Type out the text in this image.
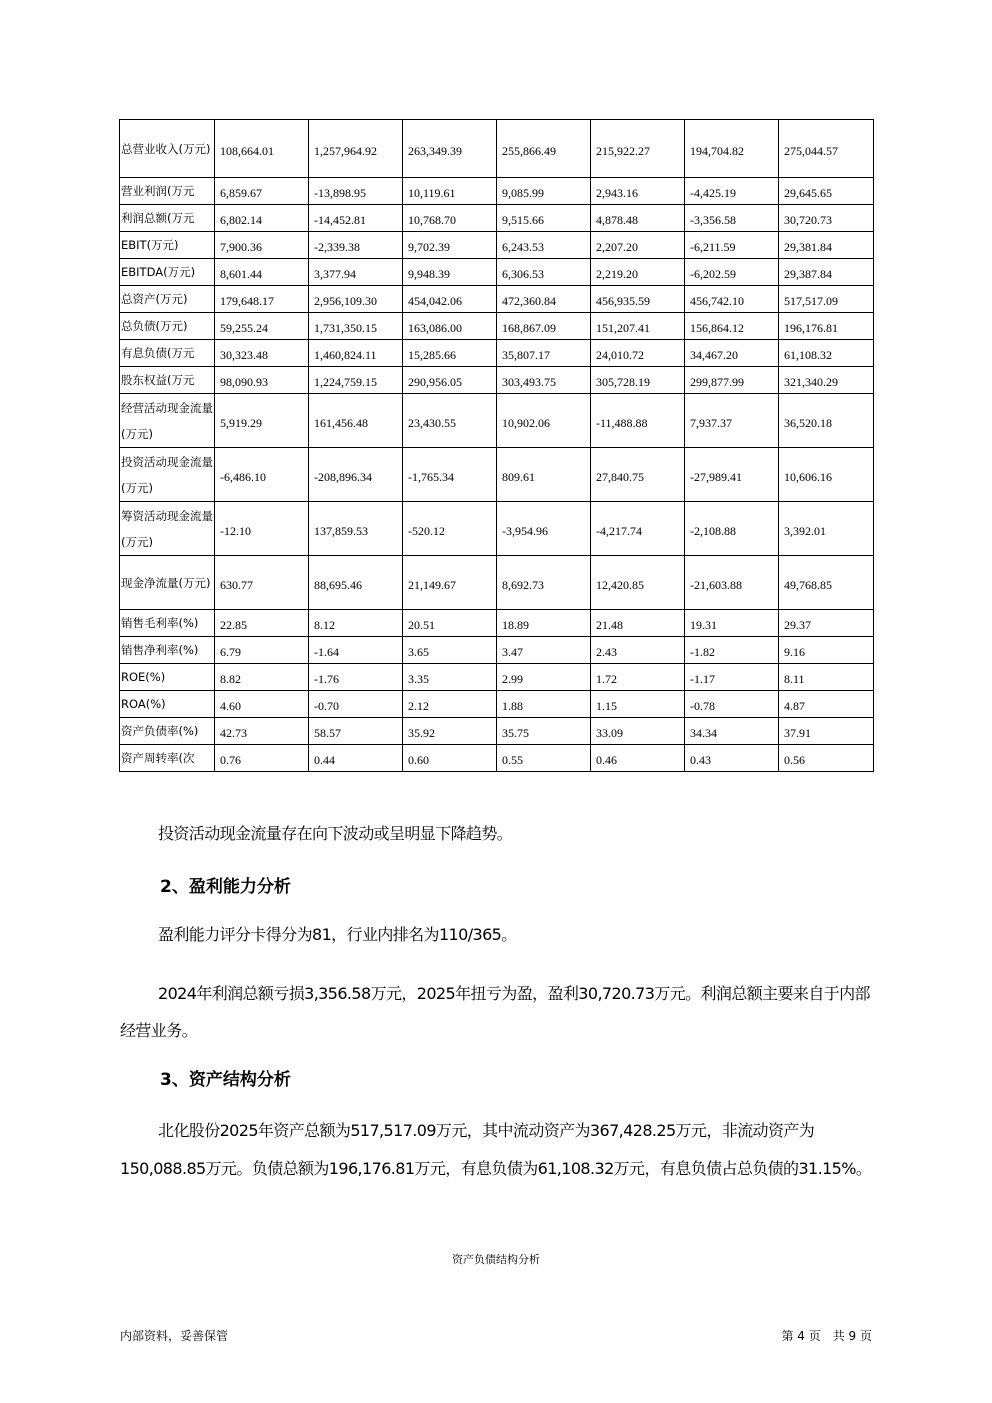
总营业收入(万元)	108,664.01	1,257,964.92	263,349.39	255,866.49	215,922.27	194,704.82	275,044.57
营业利润(万元	6,859.67	-13,898.95	10,119.61	9,085.99	2,943.16	-4,425.19	29,645.65
利润总额(万元	6,802.14	-14,452.81	10,768.70	9,515.66	4,878.48	-3,356.58	30,720.73
EBIT(万元)	7,900.36	-2,339.38	9,702.39	6,243.53	2,207.20	-6,211.59	29,381.84
EBITDA(万元)	8,601.44	3,377.94	9,948.39	6,306.53	2,219.20	-6,202.59	29,387.84
总资产(万元)	179,648.17	2,956,109.30	454,042.06	472,360.84	456,935.59	456,742.10	517,517.09
总负债(万元)	59,255.24	1,731,350.15	163,086.00	168,867.09	151,207.41	156,864.12	196,176.81
有息负债(万元	30,323.48	1,460,824.11	15,285.66	35,807.17	24,010.72	34,467.20	61,108.32
股东权益(万元	98,090.93	1,224,759.15	290,956.05	303,493.75	305,728.19	299,877.99	321,340.29
经营活动现金流量(万元)	5,919.29	161,456.48	23,430.55	10,902.06	-11,488.88	7,937.37	36,520.18
投资活动现金流量(万元)	-6,486.10	-208,896.34	-1,765.34	809.61	27,840.75	-27,989.41	10,606.16
筹资活动现金流量(万元)	-12.10	137,859.53	-520.12	-3,954.96	-4,217.74	-2,108.88	3,392.01
现金净流量(万元)	630.77	88,695.46	21,149.67	8,692.73	12,420.85	-21,603.88	49,768.85
销售毛利率(%)	22.85	8.12	20.51	18.89	21.48	19.31	29.37
销售净利率(%)	6.79	-1.64	3.65	3.47	2.43	-1.82	9.16
ROE(%)	8.82	-1.76	3.35	2.99	1.72	-1.17	8.11
ROA(%)	4.60	-0.70	2.12	1.88	1.15	-0.78	4.87
资产负债率(%)	42.73	58.57	35.92	35.75	33.09	34.34	37.91
资产周转率(次	0.76	0.44	0.60	0.55	0.46	0.43	0.56
投资活动现金流量存在向下波动或呈明显下降趋势。
2、盈利能力分析
盈利能力评分卡得分为81，行业内排名为110/365。
2024年利润总额亏损3,356.58万元，2025年扭亏为盈，盈利30,720.73万元。利润总额主要来自于内部经营业务。
3、资产结构分析
北化股份2025年资产总额为517,517.09万元，其中流动资产为367,428.25万元，非流动资产为150,088.85万元。负债总额为196,176.81万元，有息负债为61,108.32万元，有息负债占总负债的31.15%。
资产负债结构分析
内部资料，妥善保管	第 4 页　共 9 页
